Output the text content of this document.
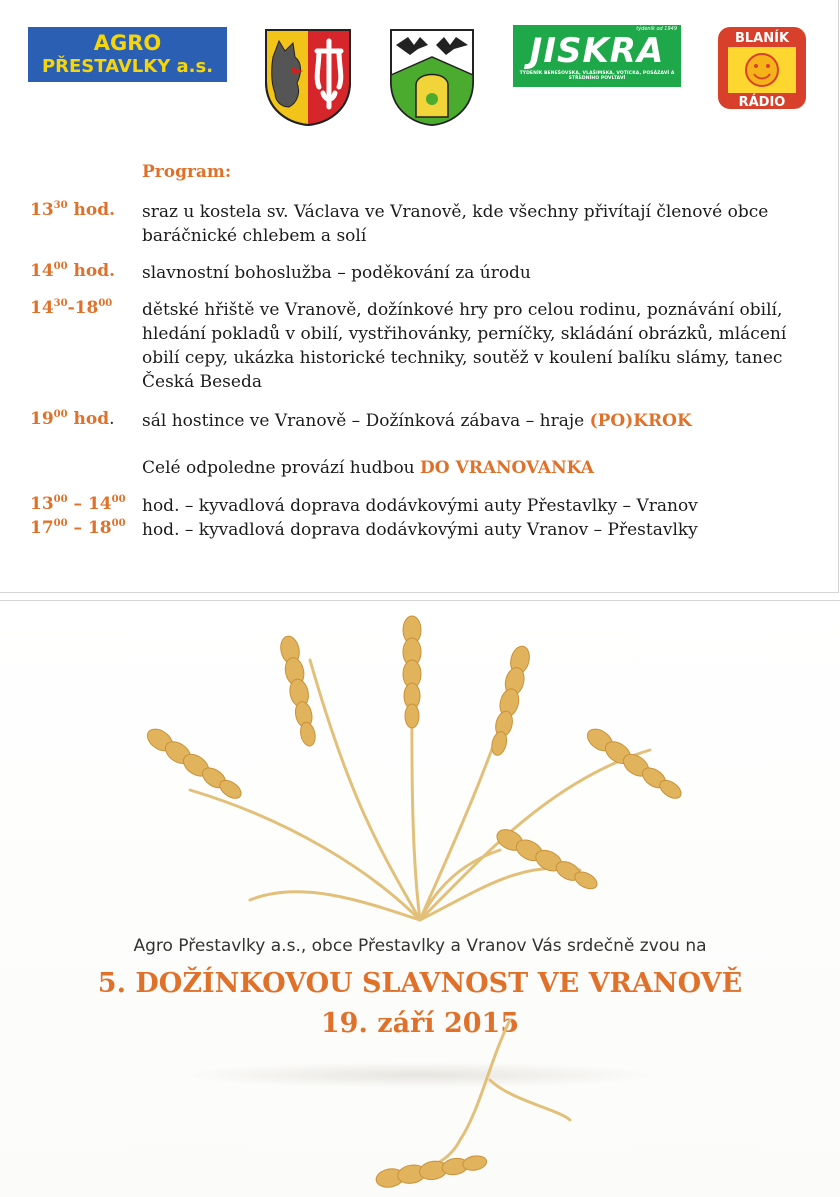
AGRO
PŘESTAVLKY a.s.
týdeník od 1949
JISKRA
TÝDENÍK BENEŠOVSKA, VLAŠIMSKA, VOTICKA, POSÁZAVÍ A STŘEDNÍHO POVLTAVÍ
BLANÍK
RÁDIO
Program:
$13^{30}$ hod. sraz u kostela sv. Václava ve Vranově, kde všechny přivítají členové obce baráčnické chlebem a solí
$14^{00}$ hod. slavnostní bohoslužba – poděkování za úrodu
$14^{30}-18^{00}$ dětské hřiště ve Vranově, dožínkové hry pro celou rodinu, poznávání obilí, hledání pokladů v obilí, vystřihovánky, perníčky, skládání obrázků, mlácení obilí cepy, ukázka historické techniky, soutěž v koulení balíku slámy, tanec Česká Beseda
$19^{00}$ hod. sál hostince ve Vranově – Dožínková zábava – hraje (PO)KROK
Celé odpoledne provází hudbou DO VRANOVANKA
$13^{00} - 14^{00}$ hod. – kyvadlová doprava dodávkovými auty Přestavlky – Vranov
$17^{00} - 18^{00}$ hod. – kyvadlová doprava dodávkovými auty Vranov – Přestavlky
Agro Přestavlky a.s., obce Přestavlky a Vranov Vás srdečně zvou na
5. DOŽÍNKOVOU SLAVNOST VE VRANOVĚ
19. září 2015
